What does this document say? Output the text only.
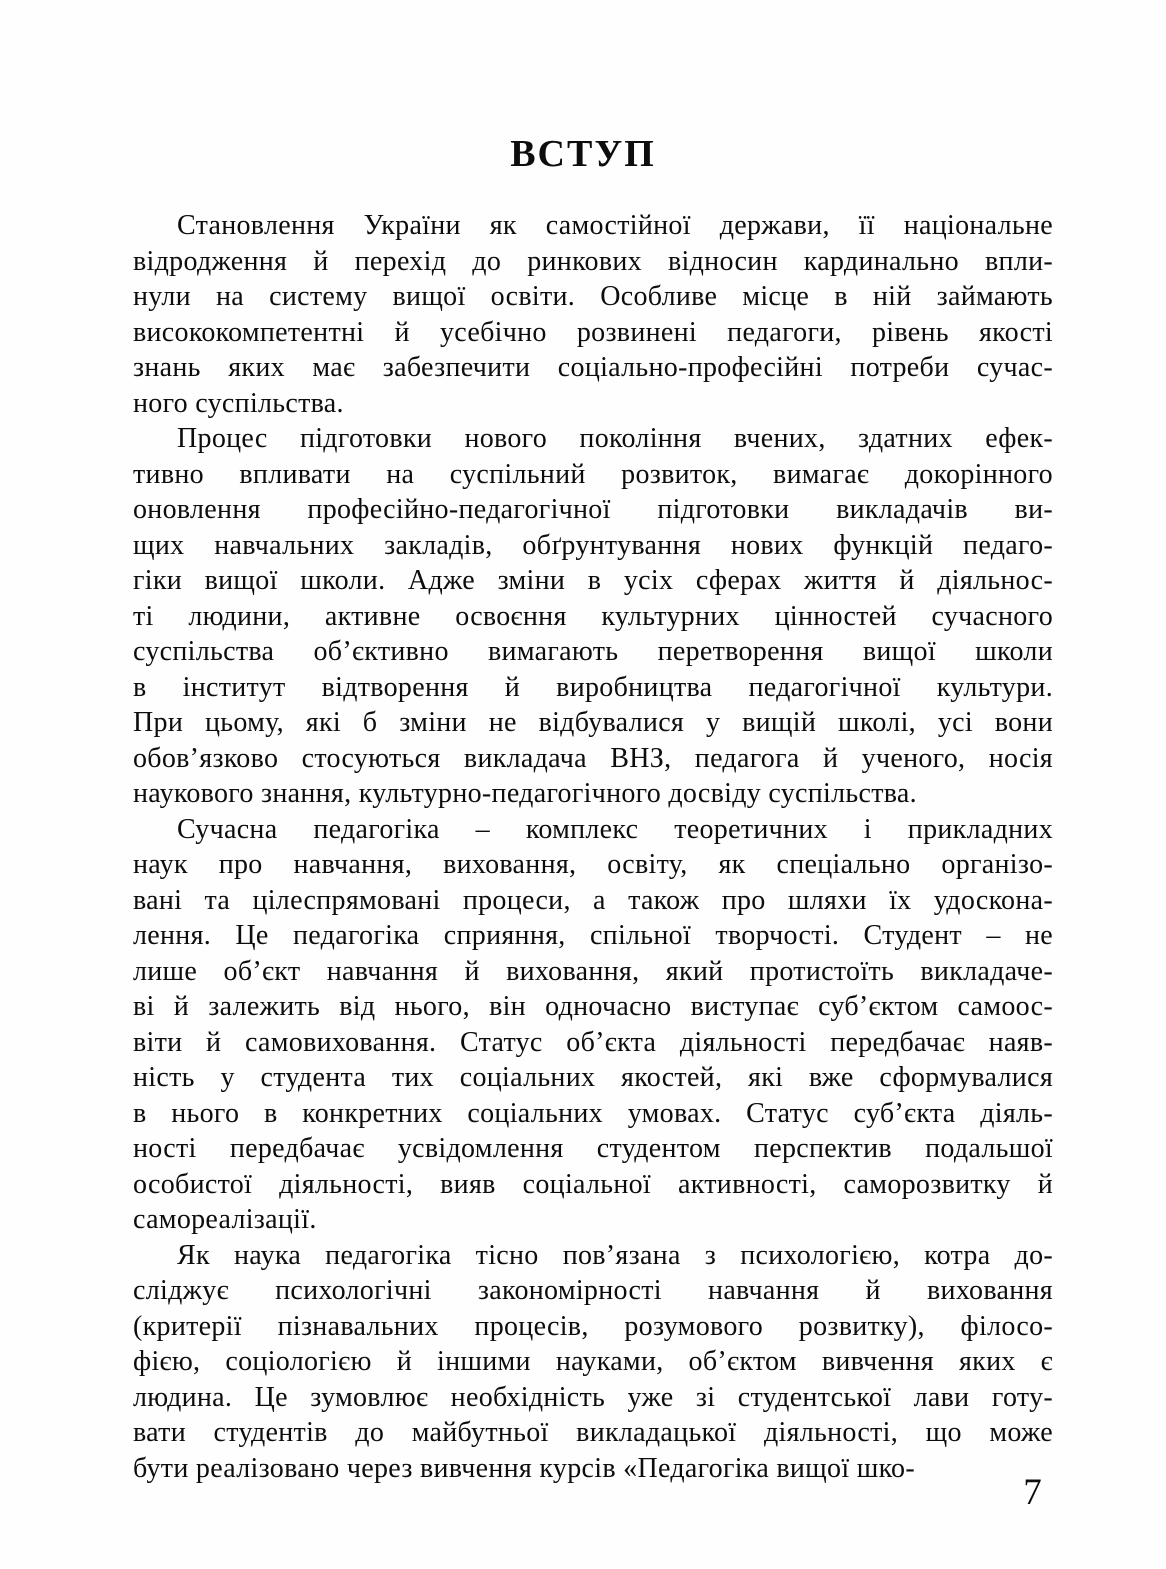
ВСТУП
Становлення України як самостійної держави, її національне
відродження й перехід до ринкових відносин кардинально впли-
нули на систему вищої освіти. Особливе місце в ній займають
висококомпетентні й усебічно розвинені педагоги, рівень якості
знань яких має забезпечити соціально-професійні потреби сучас-
ного суспільства.
Процес підготовки нового покоління вчених, здатних ефек-
тивно впливати на суспільний розвиток, вимагає докорінного
оновлення професійно-педагогічної підготовки викладачів ви-
щих навчальних закладів, обґрунтування нових функцій педаго-
гіки вищої школи. Адже зміни в усіх сферах життя й діяльнос-
ті людини, активне освоєння культурних цінностей сучасного
суспільства об’єктивно вимагають перетворення вищої школи
в інститут відтворення й виробництва педагогічної культури.
При цьому, які б зміни не відбувалися у вищій школі, усі вони
обов’язково стосуються викладача ВНЗ, педагога й ученого, носія
наукового знання, культурно-педагогічного досвіду суспільства.
Сучасна педагогіка – комплекс теоретичних і прикладних
наук про навчання, виховання, освіту, як спеціально організо-
вані та цілеспрямовані процеси, а також про шляхи їх удоскона-
лення. Це педагогіка сприяння, спільної творчості. Студент – не
лише об’єкт навчання й виховання, який протистоїть викладаче-
ві й залежить від нього, він одночасно виступає суб’єктом самоос-
віти й самовиховання. Статус об’єкта діяльності передбачає наяв-
ність у студента тих соціальних якостей, які вже сформувалися
в нього в конкретних соціальних умовах. Статус суб’єкта діяль-
ності передбачає усвідомлення студентом перспектив подальшої
особистої діяльності, вияв соціальної активності, саморозвитку й
самореалізації.
Як наука педагогіка тісно пов’язана з психологією, котра до-
сліджує психологічні закономірності навчання й виховання
(критерії пізнавальних процесів, розумового розвитку), філосо-
фією, соціологією й іншими науками, об’єктом вивчення яких є
людина. Це зумовлює необхідність уже зі студентської лави готу-
вати студентів до майбутньої викладацької діяльності, що може
бути реалізовано через вивчення курсів «Педагогіка вищої шко-
7
